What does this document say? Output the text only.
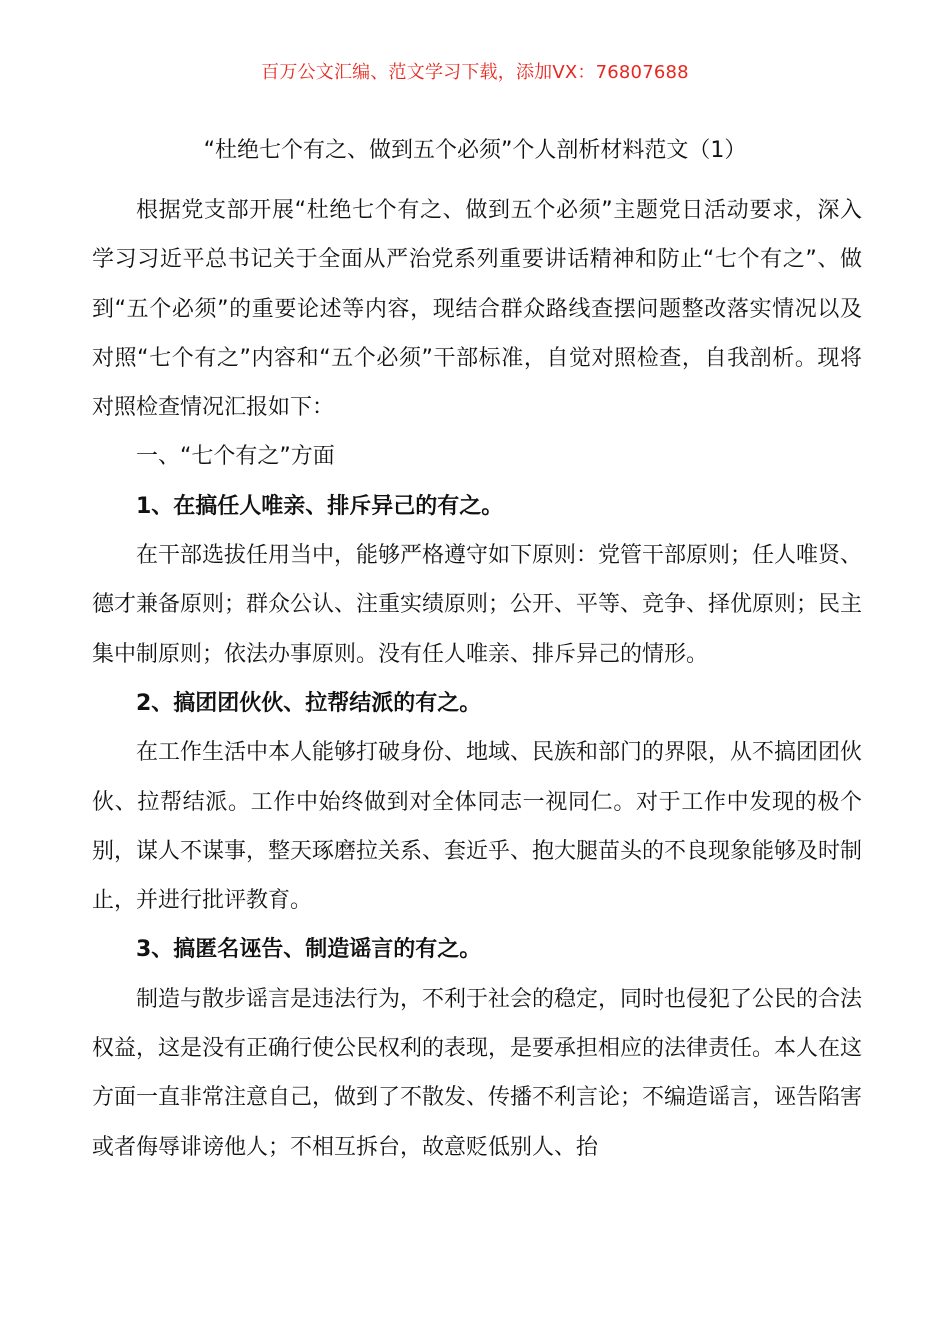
百万公文汇编、范文学习下载，添加VX：76807688
“杜绝七个有之、做到五个必须”个人剖析材料范文（1）

根据党支部开展“杜绝七个有之、做到五个必须”主题党日活动要求，深入学习习近平总书记关于全面从严治党系列重要讲话精神和防止“七个有之”、做到“五个必须”的重要论述等内容，现结合群众路线查摆问题整改落实情况以及对照“七个有之”内容和“五个必须”干部标准，自觉对照检查，自我剖析。现将对照检查情况汇报如下：

一、“七个有之”方面

1、在搞任人唯亲、排斥异己的有之。

在干部选拔任用当中，能够严格遵守如下原则：党管干部原则；任人唯贤、德才兼备原则；群众公认、注重实绩原则；公开、平等、竞争、择优原则；民主集中制原则；依法办事原则。没有任人唯亲、排斥异己的情形。

2、搞团团伙伙、拉帮结派的有之。

在工作生活中本人能够打破身份、地域、民族和部门的界限，从不搞团团伙伙、拉帮结派。工作中始终做到对全体同志一视同仁。对于工作中发现的极个别，谋人不谋事，整天琢磨拉关系、套近乎、抱大腿苗头的不良现象能够及时制止，并进行批评教育。

3、搞匿名诬告、制造谣言的有之。

制造与散步谣言是违法行为，不利于社会的稳定，同时也侵犯了公民的合法权益，这是没有正确行使公民权利的表现，是要承担相应的法律责任。本人在这方面一直非常注意自己，做到了不散发、传播不利言论；不编造谣言，诬告陷害或者侮辱诽谤他人；不相互拆台，故意贬低别人、抬
